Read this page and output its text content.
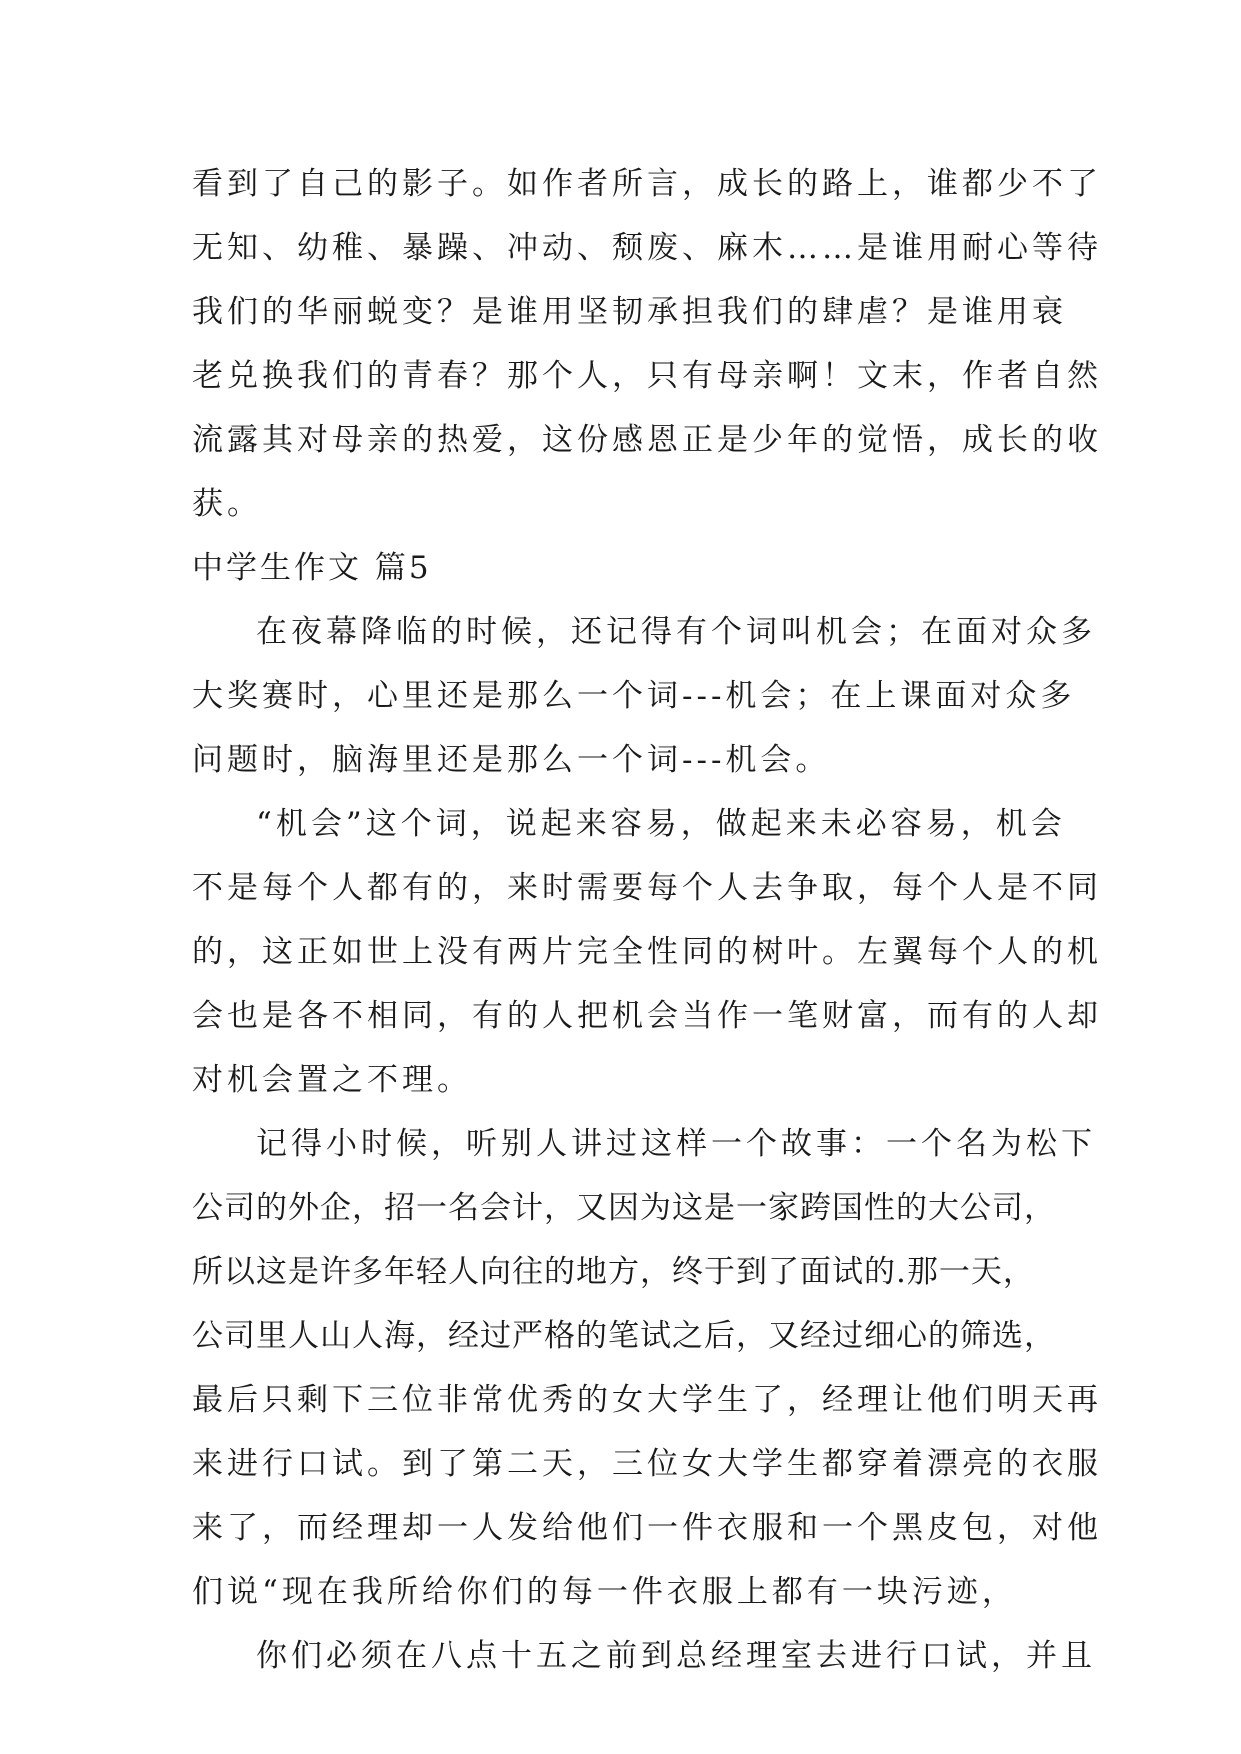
看到了自己的影子。如作者所言，成长的路上，谁都少不了
无知、幼稚、暴躁、冲动、颓废、麻木……是谁用耐心等待
我们的华丽蜕变？是谁用坚韧承担我们的肆虐？是谁用衰
老兑换我们的青春？那个人，只有母亲啊！文末，作者自然
流露其对母亲的热爱，这份感恩正是少年的觉悟，成长的收
获。
中学生作文 篇5
在夜幕降临的时候，还记得有个词叫机会；在面对众多
大奖赛时，心里还是那么一个词---机会；在上课面对众多
问题时，脑海里还是那么一个词---机会。
“机会”这个词，说起来容易，做起来未必容易，机会
不是每个人都有的，来时需要每个人去争取，每个人是不同
的，这正如世上没有两片完全性同的树叶。左翼每个人的机
会也是各不相同，有的人把机会当作一笔财富，而有的人却
对机会置之不理。
记得小时候，听别人讲过这样一个故事：一个名为松下
公司的外企，招一名会计，又因为这是一家跨国性的大公司，
所以这是许多年轻人向往的地方，终于到了面试的.那一天，
公司里人山人海，经过严格的笔试之后，又经过细心的筛选，
最后只剩下三位非常优秀的女大学生了，经理让他们明天再
来进行口试。到了第二天，三位女大学生都穿着漂亮的衣服
来了，而经理却一人发给他们一件衣服和一个黑皮包，对他
们说“现在我所给你们的每一件衣服上都有一块污迹，
你们必须在八点十五之前到总经理室去进行口试，并且
